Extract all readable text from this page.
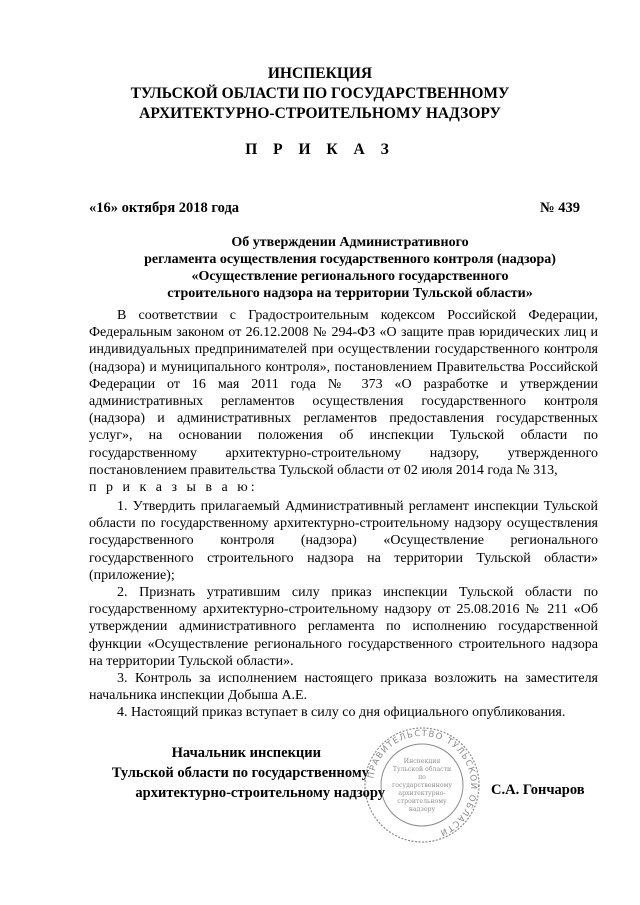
ИНСПЕКЦИЯ
ТУЛЬСКОЙ ОБЛАСТИ ПО ГОСУДАРСТВЕННОМУ
АРХИТЕКТУРНО-СТРОИТЕЛЬНОМУ НАДЗОРУ
П Р И К А З
«16» октября 2018 года	№ 439
Об утверждении Административного
регламента осуществления государственного контроля (надзора)
«Осуществление регионального государственного
строительного надзора на территории Тульской области»

В соответствии с Градостроительным кодексом Российской Федерации, Федеральным законом от 26.12.2008 № 294-ФЗ «О защите прав юридических лиц и индивидуальных предпринимателей при осуществлении государственного контроля (надзора) и муниципального контроля», постановлением Правительства Российской Федерации от 16 мая 2011 года № 373 «О разработке и утверждении административных регламентов осуществления государственного контроля (надзора) и административных регламентов предоставления государственных услуг», на основании положения об инспекции Тульской области по государственному архитектурно-строительному надзору, утвержденного постановлением правительства Тульской области от 02 июля 2014 года № 313,

п р и к а з ы в а ю:

1. Утвердить прилагаемый Административный регламент инспекции Тульской области по государственному архитектурно-строительному надзору осуществления государственного контроля (надзора) «Осуществление регионального государственного строительного надзора на территории Тульской области» (приложение);

2. Признать утратившим силу приказ инспекции Тульской области по государственному архитектурно-строительному надзору от 25.08.2016 № 211 «Об утверждении административного регламента по исполнению государственной функции «Осуществление регионального государственного строительного надзора на территории Тульской области».

3. Контроль за исполнением настоящего приказа возложить на заместителя начальника инспекции Добыша А.Е.

4. Настоящий приказ вступает в силу со дня официального опубликования.

Начальник инспекции
Тульской области по государственному
архитектурно-строительному надзору	С.А. Гончаров
ПРАВИТЕЛЬСТВО ТУЛЬСКОЙ ОБЛАСТИ
Инспекция
Тульской области
по
государственному
архитектурно-
строительному
надзору
